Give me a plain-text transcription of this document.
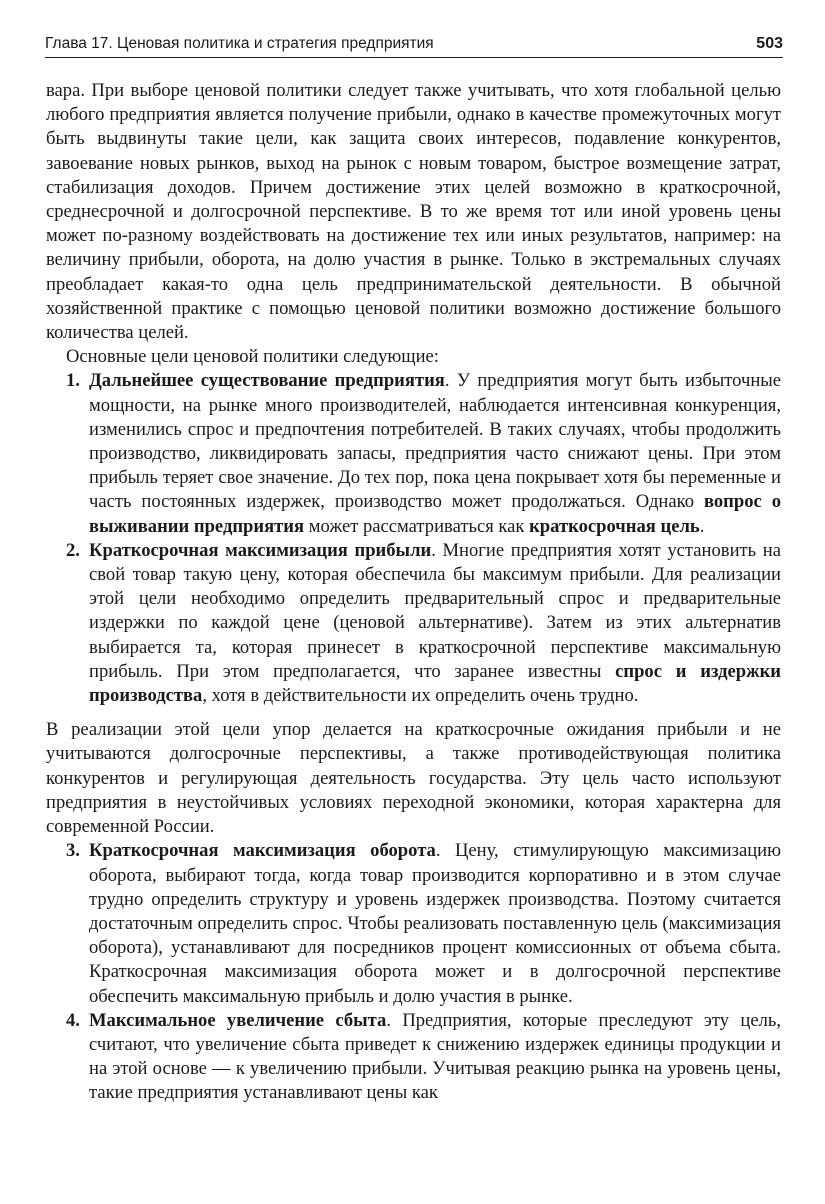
Глава 17. Ценовая политика и стратегия предприятия	503

вара. При выборе ценовой политики следует также учитывать, что хотя глобальной целью любого предприятия является получение прибыли, однако в качестве промежуточных могут быть выдвинуты такие цели, как защита своих интересов, подавление конкурентов, завоевание новых рынков, выход на рынок с новым товаром, быстрое возмещение затрат, стабилизация доходов. Причем достижение этих целей возможно в краткосрочной, среднесрочной и долгосрочной перспективе. В то же время тот или иной уровень цены может по-разному воздействовать на достижение тех или иных результатов, например: на величину прибыли, оборота, на долю участия в рынке. Только в экстремальных случаях преобладает какая-то одна цель предпринимательской деятельности. В обычной хозяйственной практике с помощью ценовой политики возможно достижение большого количества целей.

Основные цели ценовой политики следующие:

1. Дальнейшее существование предприятия. У предприятия могут быть избыточные мощности, на рынке много производителей, наблюдается интенсивная конкуренция, изменились спрос и предпочтения потребителей. В таких случаях, чтобы продолжить производство, ликвидировать запасы, предприятия часто снижают цены. При этом прибыль теряет свое значение. До тех пор, пока цена покрывает хотя бы переменные и часть постоянных издержек, производство может продолжаться. Однако вопрос о выживании предприятия может рассматриваться как краткосрочная цель.
2. Краткосрочная максимизация прибыли. Многие предприятия хотят установить на свой товар такую цену, которая обеспечила бы максимум прибыли. Для реализации этой цели необходимо определить предварительный спрос и предварительные издержки по каждой цене (ценовой альтернативе). Затем из этих альтернатив выбирается та, которая принесет в краткосрочной перспективе максимальную прибыль. При этом предполагается, что заранее известны спрос и издержки производства, хотя в действительности их определить очень трудно.

В реализации этой цели упор делается на краткосрочные ожидания прибыли и не учитываются долгосрочные перспективы, а также противодействующая политика конкурентов и регулирующая деятельность государства. Эту цель часто используют предприятия в неустойчивых условиях переходной экономики, которая характерна для современной России.

3. Краткосрочная максимизация оборота. Цену, стимулирующую максимизацию оборота, выбирают тогда, когда товар производится корпоративно и в этом случае трудно определить структуру и уровень издержек производства. Поэтому считается достаточным определить спрос. Чтобы реализовать поставленную цель (максимизация оборота), устанавливают для посредников процент комиссионных от объема сбыта. Краткосрочная максимизация оборота может и в долгосрочной перспективе обеспечить максимальную прибыль и долю участия в рынке.
4. Максимальное увеличение сбыта. Предприятия, которые преследуют эту цель, считают, что увеличение сбыта приведет к снижению издержек единицы продукции и на этой основе — к увеличению прибыли. Учитывая реакцию рынка на уровень цены, такие предприятия устанавливают цены как
